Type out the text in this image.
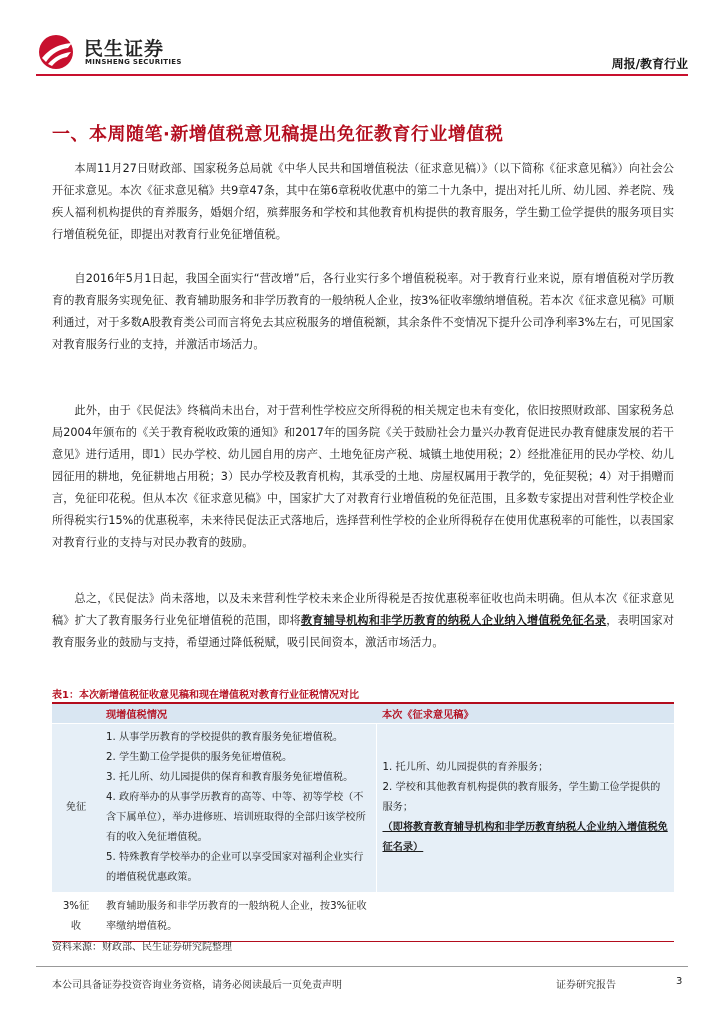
民生证券
MINSHENG SECURITIES	周报/教育行业
一、本周随笔·新增值税意见稿提出免征教育行业增值税

本周11月27日财政部、国家税务总局就《中华人民共和国增值税法（征求意见稿）》（以下简称《征求意见稿》）向社会公开征求意见。本次《征求意见稿》共9章47条，其中在第6章税收优惠中的第二十九条中，提出对托儿所、幼儿园、养老院、残疾人福利机构提供的育养服务，婚姻介绍，殡葬服务和学校和其他教育机构提供的教育服务，学生勤工俭学提供的服务项目实行增值税免征，即提出对教育行业免征增值税。

自2016年5月1日起，我国全面实行“营改增”后，各行业实行多个增值税税率。对于教育行业来说，原有增值税对学历教育的教育服务实现免征、教育辅助服务和非学历教育的一般纳税人企业，按3%征收率缴纳增值税。若本次《征求意见稿》可顺利通过，对于多数A股教育类公司而言将免去其应税服务的增值税额，其余条件不变情况下提升公司净利率3%左右，可见国家对教育服务行业的支持，并激活市场活力。

此外，由于《民促法》终稿尚未出台，对于营利性学校应交所得税的相关规定也未有变化，依旧按照财政部、国家税务总局2004年颁布的《关于教育税收政策的通知》和2017年的国务院《关于鼓励社会力量兴办教育促进民办教育健康发展的若干意见》进行适用，即1）民办学校、幼儿园自用的房产、土地免征房产税、城镇土地使用税；2）经批准征用的民办学校、幼儿园征用的耕地，免征耕地占用税；3）民办学校及教育机构，其承受的土地、房屋权属用于教学的，免征契税；4）对于捐赠而言，免征印花税。但从本次《征求意见稿》中，国家扩大了对教育行业增值税的免征范围，且多数专家提出对营利性学校企业所得税实行15%的优惠税率，未来待民促法正式落地后，选择营利性学校的企业所得税存在使用优惠税率的可能性，以表国家对教育行业的支持与对民办教育的鼓励。

总之，《民促法》尚未落地，以及未来营利性学校未来企业所得税是否按优惠税率征收也尚未明确。但从本次《征求意见稿》扩大了教育服务行业免征增值税的范围，即将教育辅导机构和非学历教育的纳税人企业纳入增值税免征名录，表明国家对教育服务业的鼓励与支持，希望通过降低税赋，吸引民间资本，激活市场活力。

表1：本次新增值税征收意见稿和现在增值税对教育行业征税情况对比
	现增值税情况	本次《征求意见稿》
免征	1. 从事学历教育的学校提供的教育服务免征增值税。
2. 学生勤工俭学提供的服务免征增值税。
3. 托儿所、幼儿园提供的保育和教育服务免征增值税。
4. 政府举办的从事学历教育的高等、中等、初等学校（不含下属单位），举办进修班、培训班取得的全部归该学校所有的收入免征增值税。
5. 特殊教育学校举办的企业可以享受国家对福利企业实行的增值税优惠政策。	1. 托儿所、幼儿园提供的育养服务；
2. 学校和其他教育机构提供的教育服务，学生勤工俭学提供的服务；
（即将教育教育辅导机构和非学历教育纳税人企业纳入增值税免征名录）

3%征收	教育辅助服务和非学历教育的一般纳税人企业，按3%征收率缴纳增值税。	
资料来源：财政部、民生证券研究院整理
本公司具备证券投资咨询业务资格，请务必阅读最后一页免责声明	证券研究报告	3
